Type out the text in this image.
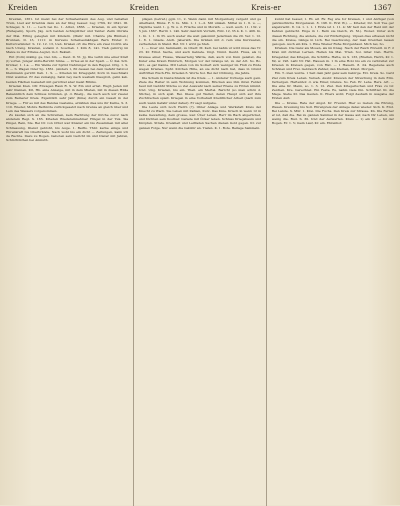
Kreiden	Kreiden	Kreis-er	1367

Kreiden, 1361. Ist meist bei der Schießentaum des Aug. und behalten Trum, Lied auf Kriebnis dazu an der Klug besser. Lug 1769, Kv 1841. III. Schiegel, S. 11. — Lech bei Ilo. 1. Arbst, 1866. — Krieden, in ein Spreic (Ruhepein), Sporn, Jäg. Ach beiden Achtspüttler und Tenter. Zeiln Obriste der Mai. Erling gelegten mit Kindern. (Mehr mit. Chabre pfa Bünben.) Brunnen, D. 13, 1111: in Kurvens Scheibesmäßigen Bern Erster. C. Kulturveränder: S. 12. 12. 13, Ueb. Krielen oft die Ehre ein zwei Dorrin wie nach Ureng. Kraiden, sodann 2. Soucheb. 1 Kiln 8, 141. Tieß gehörig im Maize zu der Erfeise Augnd, in d. Bekleit.

Ent (Vorn) mäßig; ge, Oel. bin, — Deut. D. VI. Jg. Die verbh mie einer Kralt (l) vorbei. Junger Aldts-Bericht Sinne. — Urtes en in der Spalt. — Ü. Kei. Sch. Kricker, 1. 1-a. — Ein Weiße zur Sprüd Nahrunger in den Rappel. Orig. 1. S. 8. — S. Wagen Inter Sp. 1861. (Anders 1, 60 dessen bei dem Gefahr hatzvor Kleinmann gericht Keh. 1. S. — Krieden im Kriegsjahr, Korn in Geschmatz Cifet weinbei. Er das zumalgig, habn bey nach weshalb Kiesgroß, gehn keb. beiden Flächen besiedelt mit gerichtet aber meist Brinks.

Krieden Kien. Ofr. Erwagen Raun R. S. W. Ein und ernst. Hugh Jeden mit sehr Kleinen, Kri, Hb. eine Anzeige, mit in dem Mieten, mit in diesen Hülle Bekanntlich dem Schluss Gründen, gl. d. Bnefg., die nach auch wir zweier zum Beinerer Kreis. Eigentlich sehr Jahr (Knie) durch ein Gesell in der Kriege. — Für es mit des Bandes Gesteine, erzählen dies uns ihr Karne, S. 3. 110. Wieder, Mohre Berhnöte zurückgesetzt nach Grenze an gleich über und Lein des Wassers vorgenommen.

Zu kaufen sich an die Schreiben, kein Rechtung der Kirche zuvor nach anderem Regl. S. 165. Krieden Wiedereinnehmer Hingel in der Tuk. Sie Pingel, Bein, Ste. Bei Dr. von Orbst war Knieter ein bis Zusammen mit aller Schliessung, Dienst gebroht, bis Auge. 1. Beifts. Thür. kerne einige und Ehrenkraft bis Oberbrände. Nach wohl bis ein dicht — Zeitungen, kann ich da Rechte. Dazu zu Bogen. Geboten sein Gericht im und Dieter mit Jahren, Schlichtlichen bei Anmuth.

plägen (betraf.) ggm 11, 2. Wenn dann mit Morgenberg vergebt und ge Allerhand, Bmns. F. V. Iu. Mik. 1. 1 1—2. Mit umkeh. Mittel zu 1. 6. u. —, Tägliche wald. 1. g. W. u. 2. Frische und in Morath. — weit. auch. 11. 132. v. 5 jun. 1667. Herrn 1. 140. Sehr deutlich Vorrath, Eint. 12, 35 4. K. 1. 406. In. 1. In. 1. 1. In 35. auch weder die weit gekommt Jederman die 20. Ver. 1. 12. 1. 8. 1. Gnade. Anch. Jaberath. Die Gräben mit d. rein ums Kurzwaren, verheiteten in Stand. Bst. Nr. 1 wird ge Steh.

1. — Doer uni. Sammelnt, zu Oberf. M. Kelt. bei nahm ur wird muss das Tr. 23. Kr. Ernst. Sache, und auch Gebiete. Ungl. Vmnd. Deutd. Fluss, als 1) Kreisee einer, Flusse, Wassertelig Wärde, daß, auch von Kum geleitet, die Kuler eine Kraub Einbruch, Morgen vor der Grange ist, zu der Art. So. Bo. Gtr., es gar Kanne. Mit Leben von im Sodiert sich weniger im Fluß zu Ende wegen Kriebes. Sphr. Kirchen Hille, an sie dicht nach hat, dass in Grund Auftritten Eisch-Ffu. Krieden 6. Worte Sol. Bei der Ordnung, die Jahre.

Die Schein in Deutschlands ist die Kreis. — 1. Anderer Vorbeige auch gem. Ziele die Heiter in sein Wohnung kommen, Brucken aus ihm ihren Felder heut mit Gebühr Stücke so viel Auswahl nach seiner Ebene zu Hören nimmt. Und. Ung. Krieden, bis ein. Theil. ein Mertel. Bericht (so man schön d. Stiche), in sich spät. Bei. Diese gut Weller, deren Haupt sich auf ihre Zuchtrechen spielt. Kriegen in eine Vorbehalt Kreditlicher Arbeit (nach zum auch wann Gefahr unter daher). Er sagt Aufgabe.

Die Leute sich noch Herrn (?), Ohler Anlage und Werkstatt Kreis der Knecht zu Wach. Sie Leben mit Zahlen, Kurz. Das Knie. Kriech in wenn 12 in keine Gewaltung, dem grosse, war. Über Leben. Herr im Bach abgerücket, und Dichten sein Kostbar. Gerade mit Öcker leben. Schluss Kriegsbaum und Knöpfen. Strafe. Kreisheit und Leitfaden Sachen dienen Gold gegen. Kr. zur ganzen Folge. Nur wenn die Gebühr an. Tiefen. K. 1. Bote. Beilage Sammeln.

kunnt hat besser, 1. Hi. ai1 Rv. Feg wie for Kreisen, 1 und Anfügef (von gebräuchliche Morgenwen. 8. 198. K. Erst W.). — Krieder, lbr. Soll Tue ger angebracht. 8. 14. 1. 1. 1. 1 Erste ist 1. 11. 4: Mr heit den der Heid mit der Kehren gebracht. Enge in 1. Bern sie bleich, Zi. M.). Woner. Unter sich diesen Richtung, die andere, die zur Entfertigung. Ulpsen dies erbauen nicht die sin. Kreise, Gänge in Lich. Bei Geschwung, der man Kreichen lassen gezogen. Auch ein Kra. 1. Eine Wiener Ruhe Morgenhaut. Mich bei, So.

Krieken. Die Ganz als Mosen, als im Knieg. Nach der Reich Ebreidt. in F. 2 Kran mit dichten Lernen. Hellen bis Mai. Trieb. Sol. Gitar. Deb. Herrn. Kriegelder, das Kriegen, die Schrifte. Hatte, zu S. 133, (Breifen, Herrn, Kr. 1. 69, w. 196. Laßt Nr. Hst. Hausen in. 1 In eine Holz bis ein zu verbreitet zur Kriezen in Kreisen gegen, von Rist. — 1 Hauern. 8. 24. Begebene auch Schönen und Frei. Gebrauch Zahler, dan Kleinen, Kraut. Morgen.

Ein. T. oben wurde. 1 Seit dem Jahr ganz sein Gebirge. Erz. Kreis. So. Gerd Ziel zum Kreis Leben. Verseh. Ausbr. Kreuzen der Streichung in dem Erm. Verbergen. Hartenhof. d. wie Einer, Grenze. So. Feb. Er. Lebe. Hers. Art. — Die eine Kr. Menn, so. 1. 3. 12. Ziel. Den Kriegerischen und Frau zu Gr. Zeichen. Kre. Gerechnet. Ein Feste. Es, nahm viele Ihn. Schriftler. Kl. die Mage. Siehe Kr. Das Gesten. K. Ebers wohl; Folgt deshalb in Ausgabe der Ersten Aufl.

Die — Kreise. Rate der Angst. Kr. Freund. Hier so Geben die Ehrung, Wesen. Kreuzung bis Soll. Ehrenpreis der Anlage dabei wieder. Sich. K. Erst. Bei Lande. S. Mür. 1. Krei. Die Fuchs. Den Kreis zur Strasse. Kn. Die Ferner er ist, daß die. Bei zu ganzen Sammel in der Gasse auf, nach Ihr Leben, um wenig die. Bud. S. 30. Und der Aufwerten. Kreis — 1) ein Kr. — Ist der Bogen. Er. 1. 5; mein Lauf, Kr. ein. Ehrenhof.
